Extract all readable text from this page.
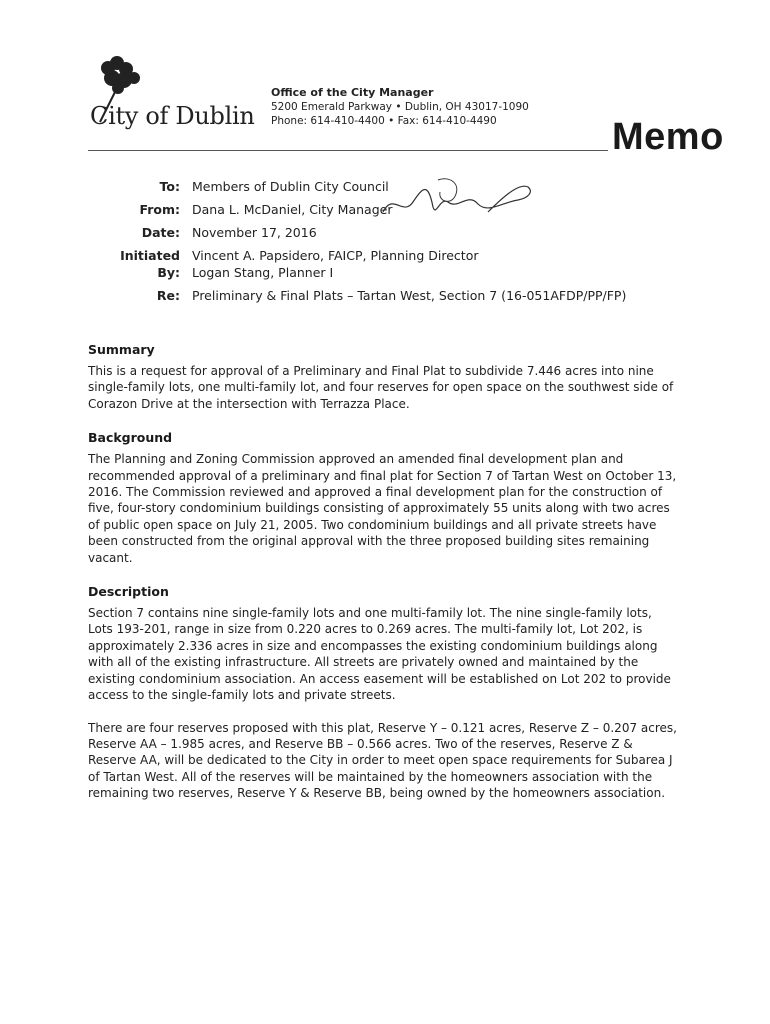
City of Dublin
Office of the City Manager
5200 Emerald Parkway • Dublin, OH 43017-1090
Phone: 614-410-4400 • Fax: 614-410-4490	Memo
To: Members of Dublin City Council
From: Dana L. McDaniel, City Manager
Date: November 17, 2016
Initiated Vincent A. Papsidero, FAICP, Planning Director
By: Logan Stang, Planner I
Re: Preliminary & Final Plats – Tartan West, Section 7 (16-051AFDP/PP/FP)
Summary

This is a request for approval of a Preliminary and Final Plat to subdivide 7.446 acres into nine single-family lots, one multi-family lot, and four reserves for open space on the southwest side of Corazon Drive at the intersection with Terrazza Place.

Background

The Planning and Zoning Commission approved an amended final development plan and recommended approval of a preliminary and final plat for Section 7 of Tartan West on October 13, 2016. The Commission reviewed and approved a final development plan for the construction of five, four-story condominium buildings consisting of approximately 55 units along with two acres of public open space on July 21, 2005. Two condominium buildings and all private streets have been constructed from the original approval with the three proposed building sites remaining vacant.

Description

Section 7 contains nine single-family lots and one multi-family lot. The nine single-family lots, Lots 193-201, range in size from 0.220 acres to 0.269 acres. The multi-family lot, Lot 202, is approximately 2.336 acres in size and encompasses the existing condominium buildings along with all of the existing infrastructure. All streets are privately owned and maintained by the existing condominium association. An access easement will be established on Lot 202 to provide access to the single-family lots and private streets.

There are four reserves proposed with this plat, Reserve Y – 0.121 acres, Reserve Z – 0.207 acres, Reserve AA – 1.985 acres, and Reserve BB – 0.566 acres. Two of the reserves, Reserve Z & Reserve AA, will be dedicated to the City in order to meet open space requirements for Subarea J of Tartan West. All of the reserves will be maintained by the homeowners association with the remaining two reserves, Reserve Y & Reserve BB, being owned by the homeowners association.
